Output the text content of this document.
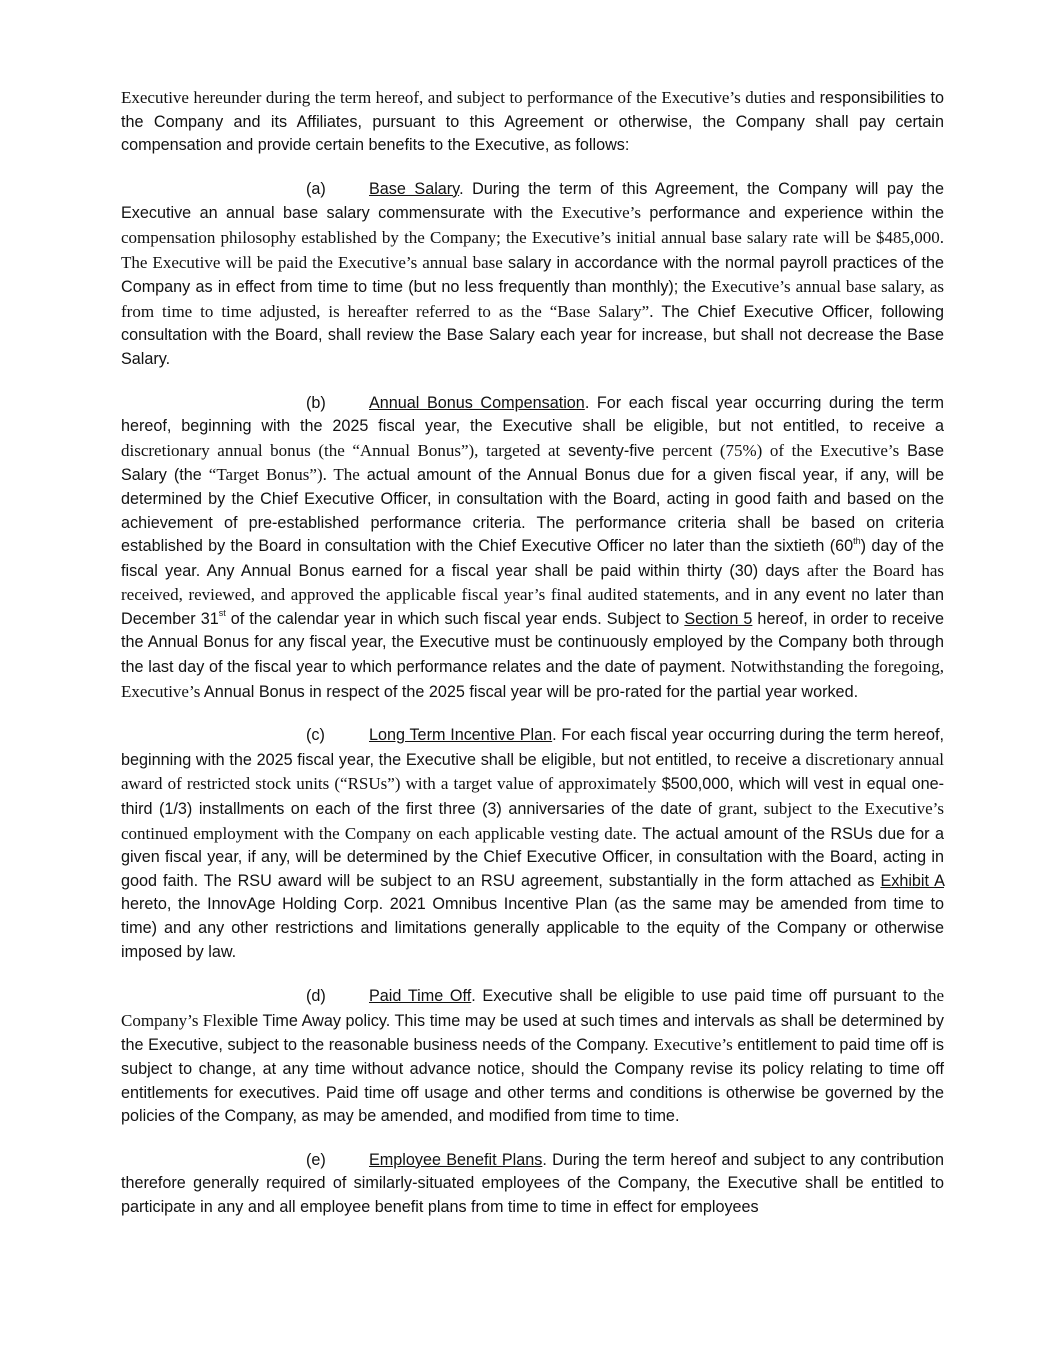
Executive hereunder during the term hereof, and subject to performance of the Executive’s duties and responsibilities to the Company and its Affiliates, pursuant to this Agreement or otherwise, the Company shall pay certain compensation and provide certain benefits to the Executive, as follows:

(a)	Base Salary. During the term of this Agreement, the Company will pay the Executive an annual base salary commensurate with the Executive’s performance and experience within the compensation philosophy established by the Company; the Executive’s initial annual base salary rate will be $485,000. The Executive will be paid the Executive’s annual base salary in accordance with the normal payroll practices of the Company as in effect from time to time (but no less frequently than monthly); the Executive’s annual base salary, as from time to time adjusted, is hereafter referred to as the “Base Salary”. The Chief Executive Officer, following consultation with the Board, shall review the Base Salary each year for increase, but shall not decrease the Base Salary.

(b)	Annual Bonus Compensation. For each fiscal year occurring during the term hereof, beginning with the 2025 fiscal year, the Executive shall be eligible, but not entitled, to receive a discretionary annual bonus (the “Annual Bonus”), targeted at seventy-five percent (75%) of the Executive’s Base Salary (the “Target Bonus”). The actual amount of the Annual Bonus due for a given fiscal year, if any, will be determined by the Chief Executive Officer, in consultation with the Board, acting in good faith and based on the achievement of pre-established performance criteria. The performance criteria shall be based on criteria established by the Board in consultation with the Chief Executive Officer no later than the sixtieth (60th) day of the fiscal year. Any Annual Bonus earned for a fiscal year shall be paid within thirty (30) days after the Board has received, reviewed, and approved the applicable fiscal year’s final audited statements, and in any event no later than December 31st of the calendar year in which such fiscal year ends. Subject to Section 5 hereof, in order to receive the Annual Bonus for any fiscal year, the Executive must be continuously employed by the Company both through the last day of the fiscal year to which performance relates and the date of payment. Notwithstanding the foregoing, Executive’s Annual Bonus in respect of the 2025 fiscal year will be pro-rated for the partial year worked.

(c)	Long Term Incentive Plan. For each fiscal year occurring during the term hereof, beginning with the 2025 fiscal year, the Executive shall be eligible, but not entitled, to receive a discretionary annual award of restricted stock units (“RSUs”) with a target value of approximately $500,000, which will vest in equal one-third (1/3) installments on each of the first three (3) anniversaries of the date of grant, subject to the Executive’s continued employment with the Company on each applicable vesting date. The actual amount of the RSUs due for a given fiscal year, if any, will be determined by the Chief Executive Officer, in consultation with the Board, acting in good faith. The RSU award will be subject to an RSU agreement, substantially in the form attached as Exhibit A hereto, the InnovAge Holding Corp. 2021 Omnibus Incentive Plan (as the same may be amended from time to time) and any other restrictions and limitations generally applicable to the equity of the Company or otherwise imposed by law.

(d)	Paid Time Off. Executive shall be eligible to use paid time off pursuant to the Company’s Flexible Time Away policy. This time may be used at such times and intervals as shall be determined by the Executive, subject to the reasonable business needs of the Company. Executive’s entitlement to paid time off is subject to change, at any time without advance notice, should the Company revise its policy relating to time off entitlements for executives. Paid time off usage and other terms and conditions is otherwise be governed by the policies of the Company, as may be amended, and modified from time to time.

(e)	Employee Benefit Plans. During the term hereof and subject to any contribution therefore generally required of similarly-situated employees of the Company, the Executive shall be entitled to participate in any and all employee benefit plans from time to time in effect for employees
